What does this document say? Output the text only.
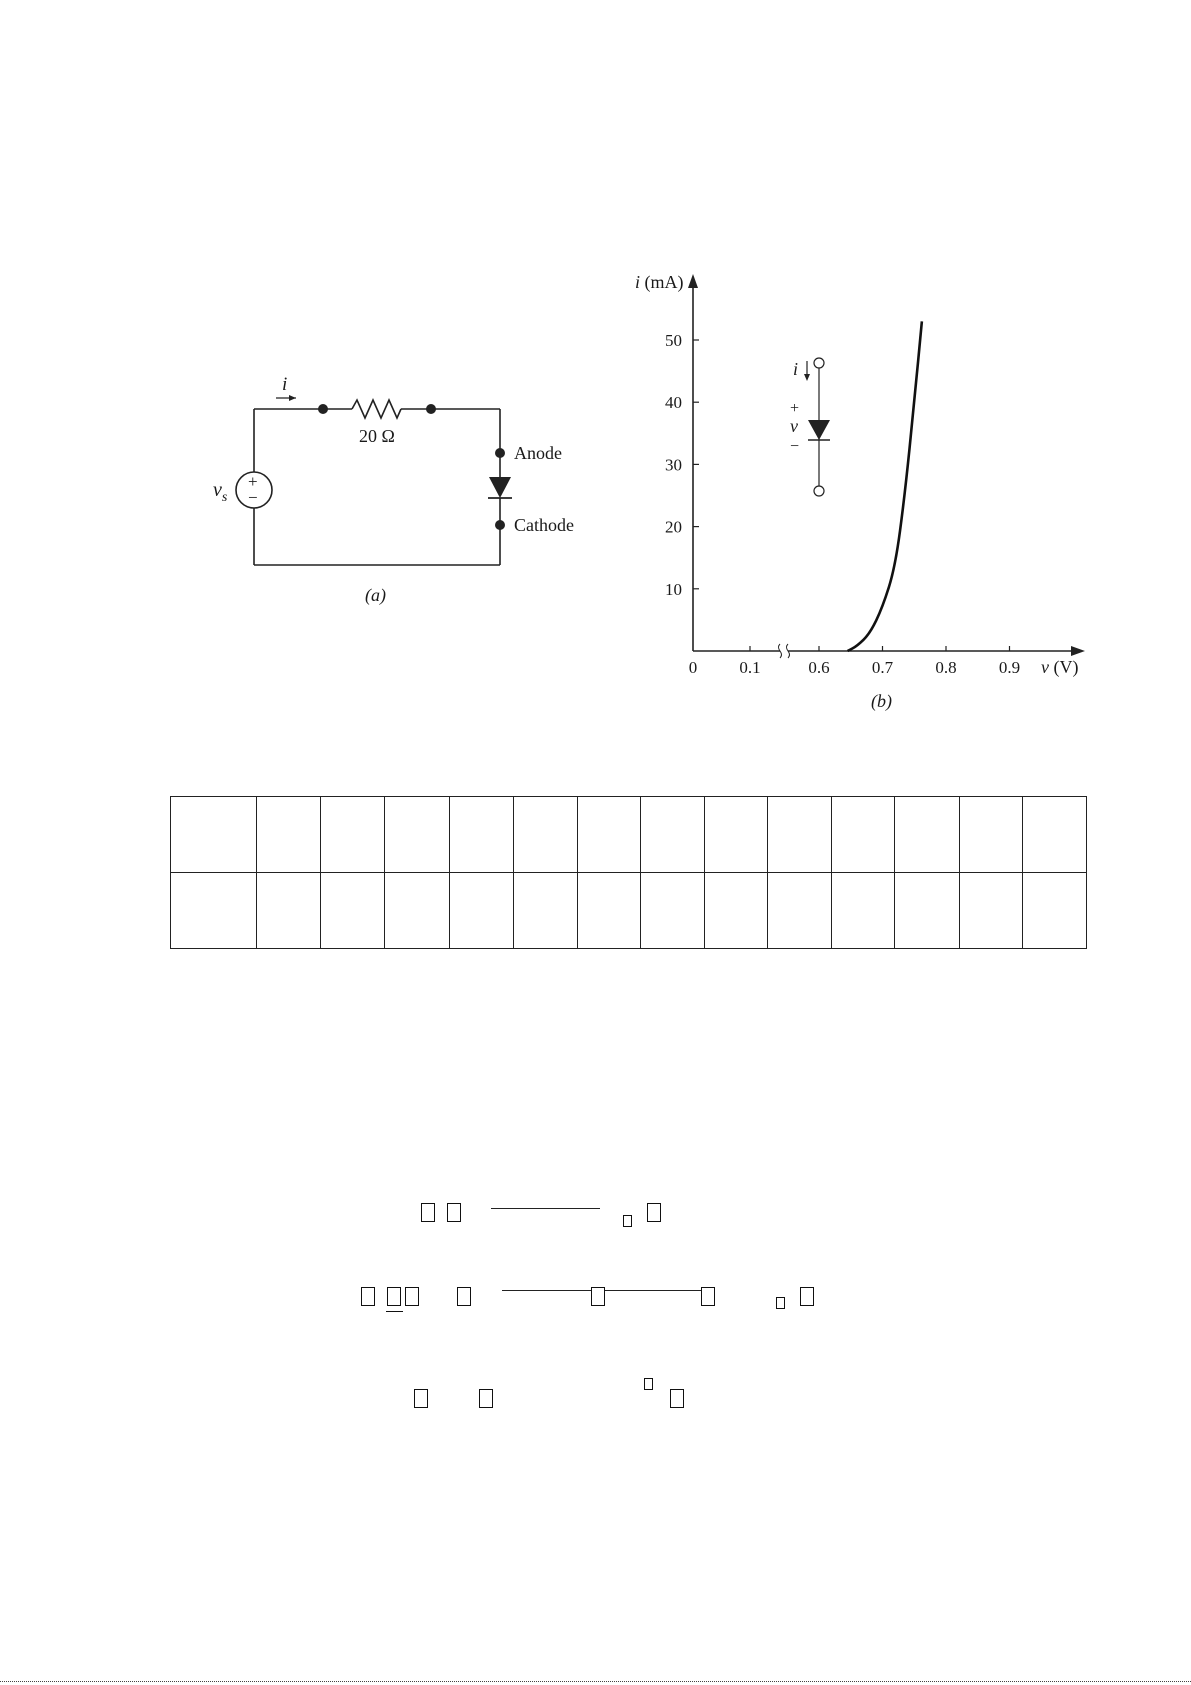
i
+
−
$v_s$
20 Ω
Anode
Cathode
(a)
i (mA)
v (V)
(b)
0 0.1	0.6 0.7 0.8 0.9
10
20
30
40
50
i
+
v
−
